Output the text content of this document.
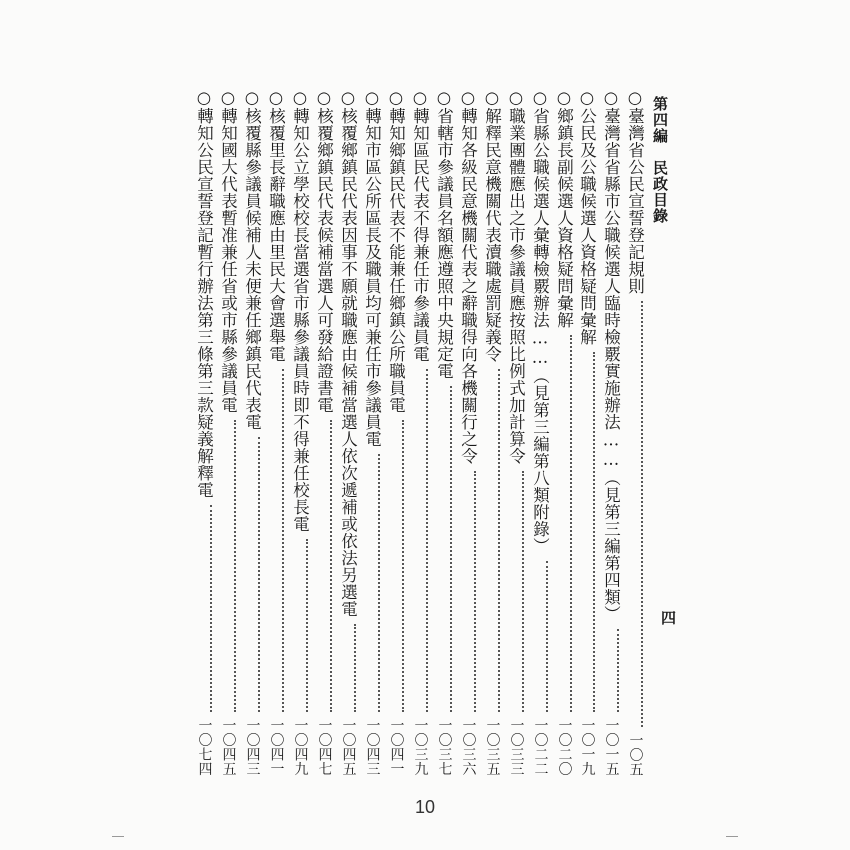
第四編　民政目錄
四
○臺灣省公民宣誓登記規則
一〇五
○臺灣省省縣市公職候選人臨時檢覈實施辦法……（見第三編第四類）
一〇一五
○公民及公職候選人資格疑問彙解
一〇一九
○鄉鎮長副候選人資格疑問彙解
一〇二〇
○省縣公職候選人彙轉檢覈辦法……（見第三編第八類附錄）
一〇二二
○職業團體應出之市參議員應按照比例式加計算令
一〇三三
○解釋民意機關代表瀆職處罰疑義令
一〇三五
○轉知各級民意機關代表之辭職得向各機關行之令
一〇三六
○省轄市參議員名額應遵照中央規定電
一〇三七
○轉知區民代表不得兼任市參議員電
一〇三九
○轉知鄉鎮民代表不能兼任鄉鎮公所職員電
一〇四一
○轉知市區公所區長及職員均可兼任市參議員電
一〇四三
○核覆鄉鎮民代表因事不願就職應由候補當選人依次遞補或依法另選電
一〇四五
○核覆鄉鎮民代表候補當選人可發給證書電
一〇四七
○轉知公立學校校長當選省市縣參議員時即不得兼任校長電
一〇四九
○核覆里長辭職應由里民大會選舉電
一〇四一
○核覆縣參議員候補人未便兼任鄉鎮民代表電
一〇四三
○轉知國大代表暫准兼任省或市縣參議員電
一〇四五
○轉知公民宣誓登記暫行辦法第三條第三款疑義解釋電
一〇七四
10
